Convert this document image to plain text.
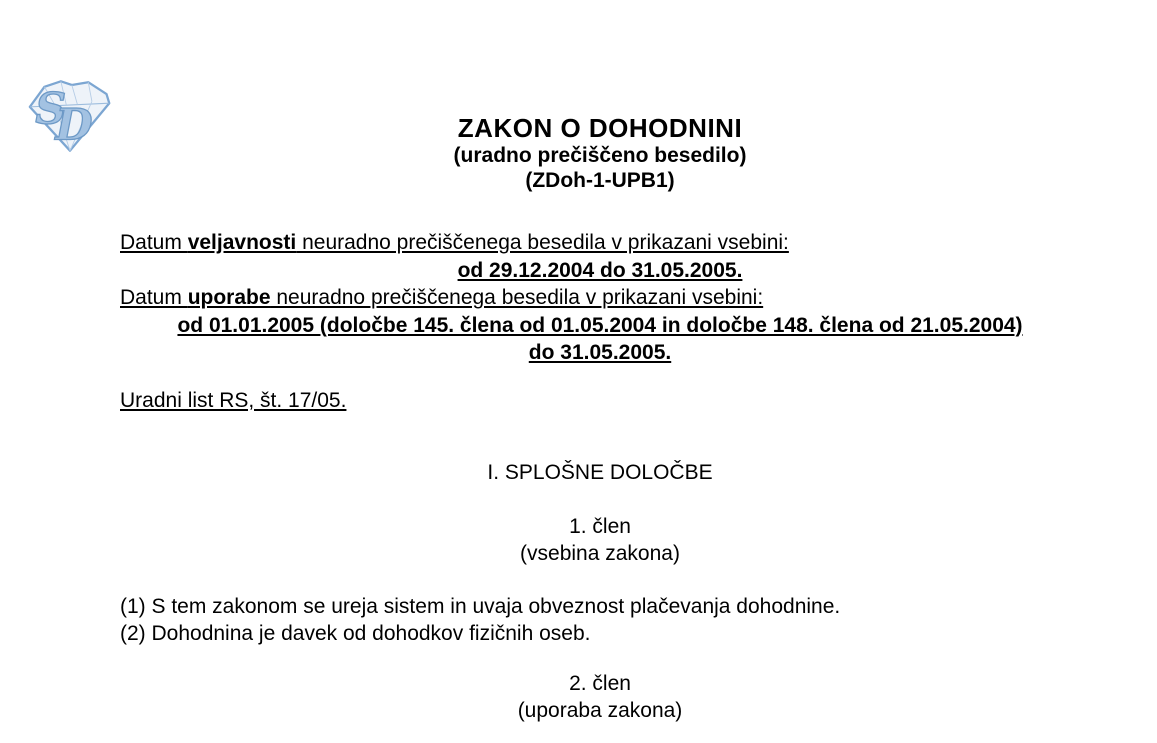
S
D	ZAKON O DOHODNINI
(uradno prečiščeno besedilo)
(ZDoh-1-UPB1)
Datum veljavnosti neuradno prečiščenega besedila v prikazani vsebini:
od 29.12.2004 do 31.05.2005.
Datum uporabe neuradno prečiščenega besedila v prikazani vsebini:
od 01.01.2005 (določbe 145. člena od 01.05.2004 in določbe 148. člena od 21.05.2004)
do 31.05.2005.
Uradni list RS, št. 17/05.
I. SPLOŠNE DOLOČBE
1. člen
(vsebina zakona)
(1) S tem zakonom se ureja sistem in uvaja obveznost plačevanja dohodnine.
(2) Dohodnina je davek od dohodkov fizičnih oseb.
2. člen
(uporaba zakona)
